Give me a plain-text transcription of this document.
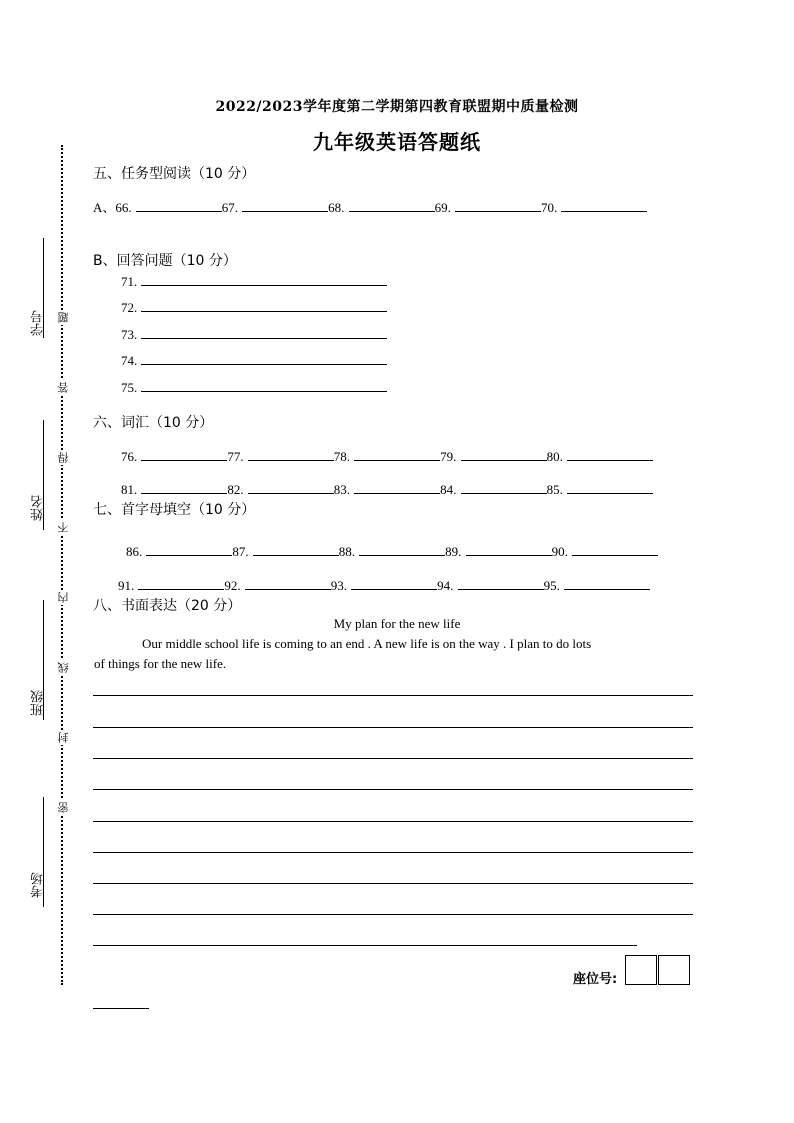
2022/2023学年度第二学期第四教育联盟期中质量检测
九年级英语答题纸
学号
姓名
班级
考场
题
答
得
不
内
线
封
密
五、任务型阅读（10 分）
A、66.	67.	68.	69.	70.
B、回答问题（10 分）
71.
72.
73.
74.
75.
六、词汇（10 分）
76.	77.	78.	79.	80.
81.	82.	83.	84.	85.
七、首字母填空（10 分）
86.	87.	88.	89.	90.
91.	92.	93.	94.	95.
八、书面表达（20 分）
My plan for the new life
Our middle school life is coming to an end . A new life is on the way . I plan to do lots
of things for the new life.
座位号:
